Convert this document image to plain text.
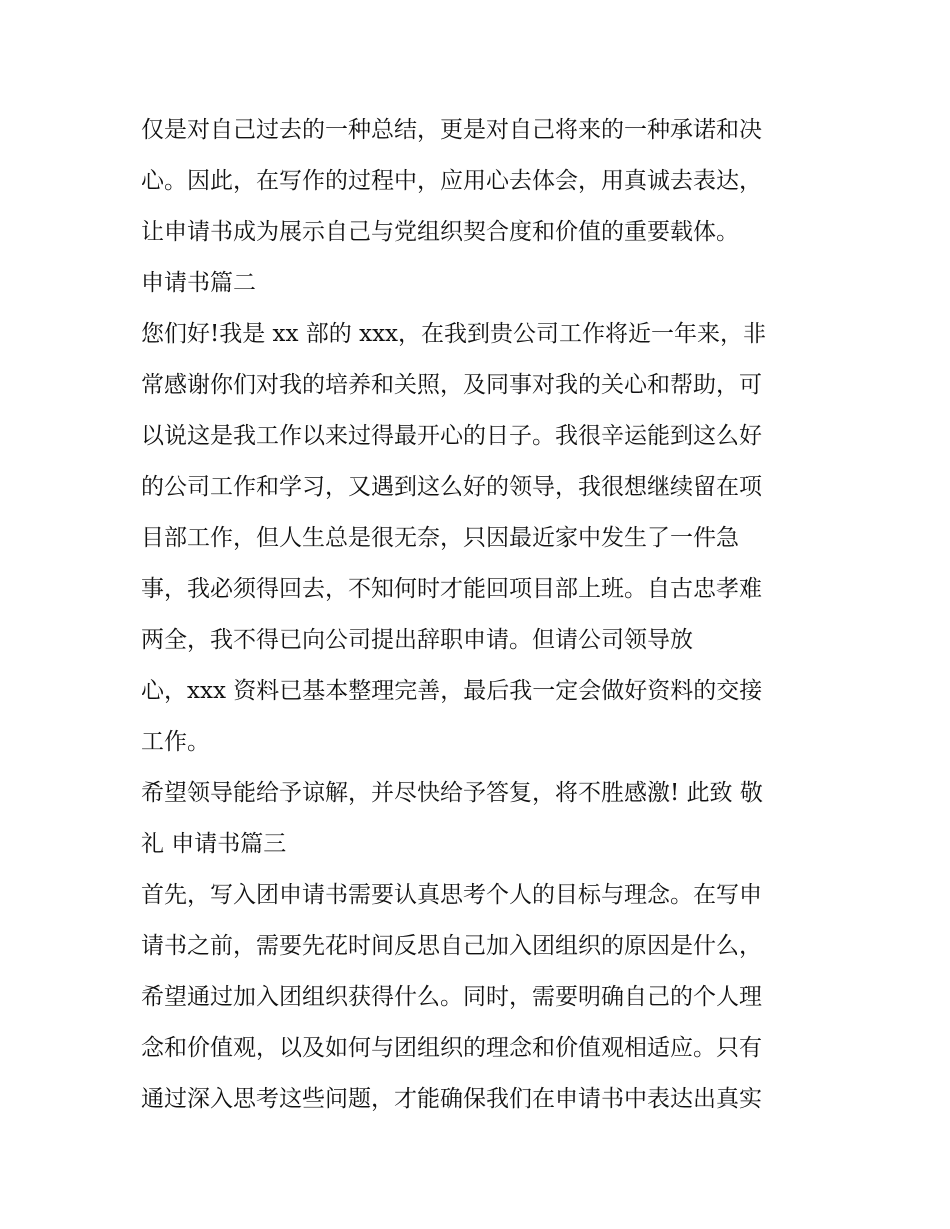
仅是对自己过去的一种总结，更是对自己将来的一种承诺和决
心。因此，在写作的过程中，应用心去体会，用真诚去表达，
让申请书成为展示自己与党组织契合度和价值的重要载体。
申请书篇二
您们好!我是 xx 部的 xxx，在我到贵公司工作将近一年来，非
常感谢你们对我的培养和关照，及同事对我的关心和帮助，可
以说这是我工作以来过得最开心的日子。我很辛运能到这么好
的公司工作和学习，又遇到这么好的领导，我很想继续留在项
目部工作，但人生总是很无奈，只因最近家中发生了一件急
事，我必须得回去，不知何时才能回项目部上班。自古忠孝难
两全，我不得已向公司提出辞职申请。但请公司领导放
心，xxx 资料已基本整理完善，最后我一定会做好资料的交接
工作。
希望领导能给予谅解，并尽快给予答复，将不胜感激! 此致 敬
礼 申请书篇三
首先，写入团申请书需要认真思考个人的目标与理念。在写申
请书之前，需要先花时间反思自己加入团组织的原因是什么，
希望通过加入团组织获得什么。同时，需要明确自己的个人理
念和价值观，以及如何与团组织的理念和价值观相适应。只有
通过深入思考这些问题，才能确保我们在申请书中表达出真实
